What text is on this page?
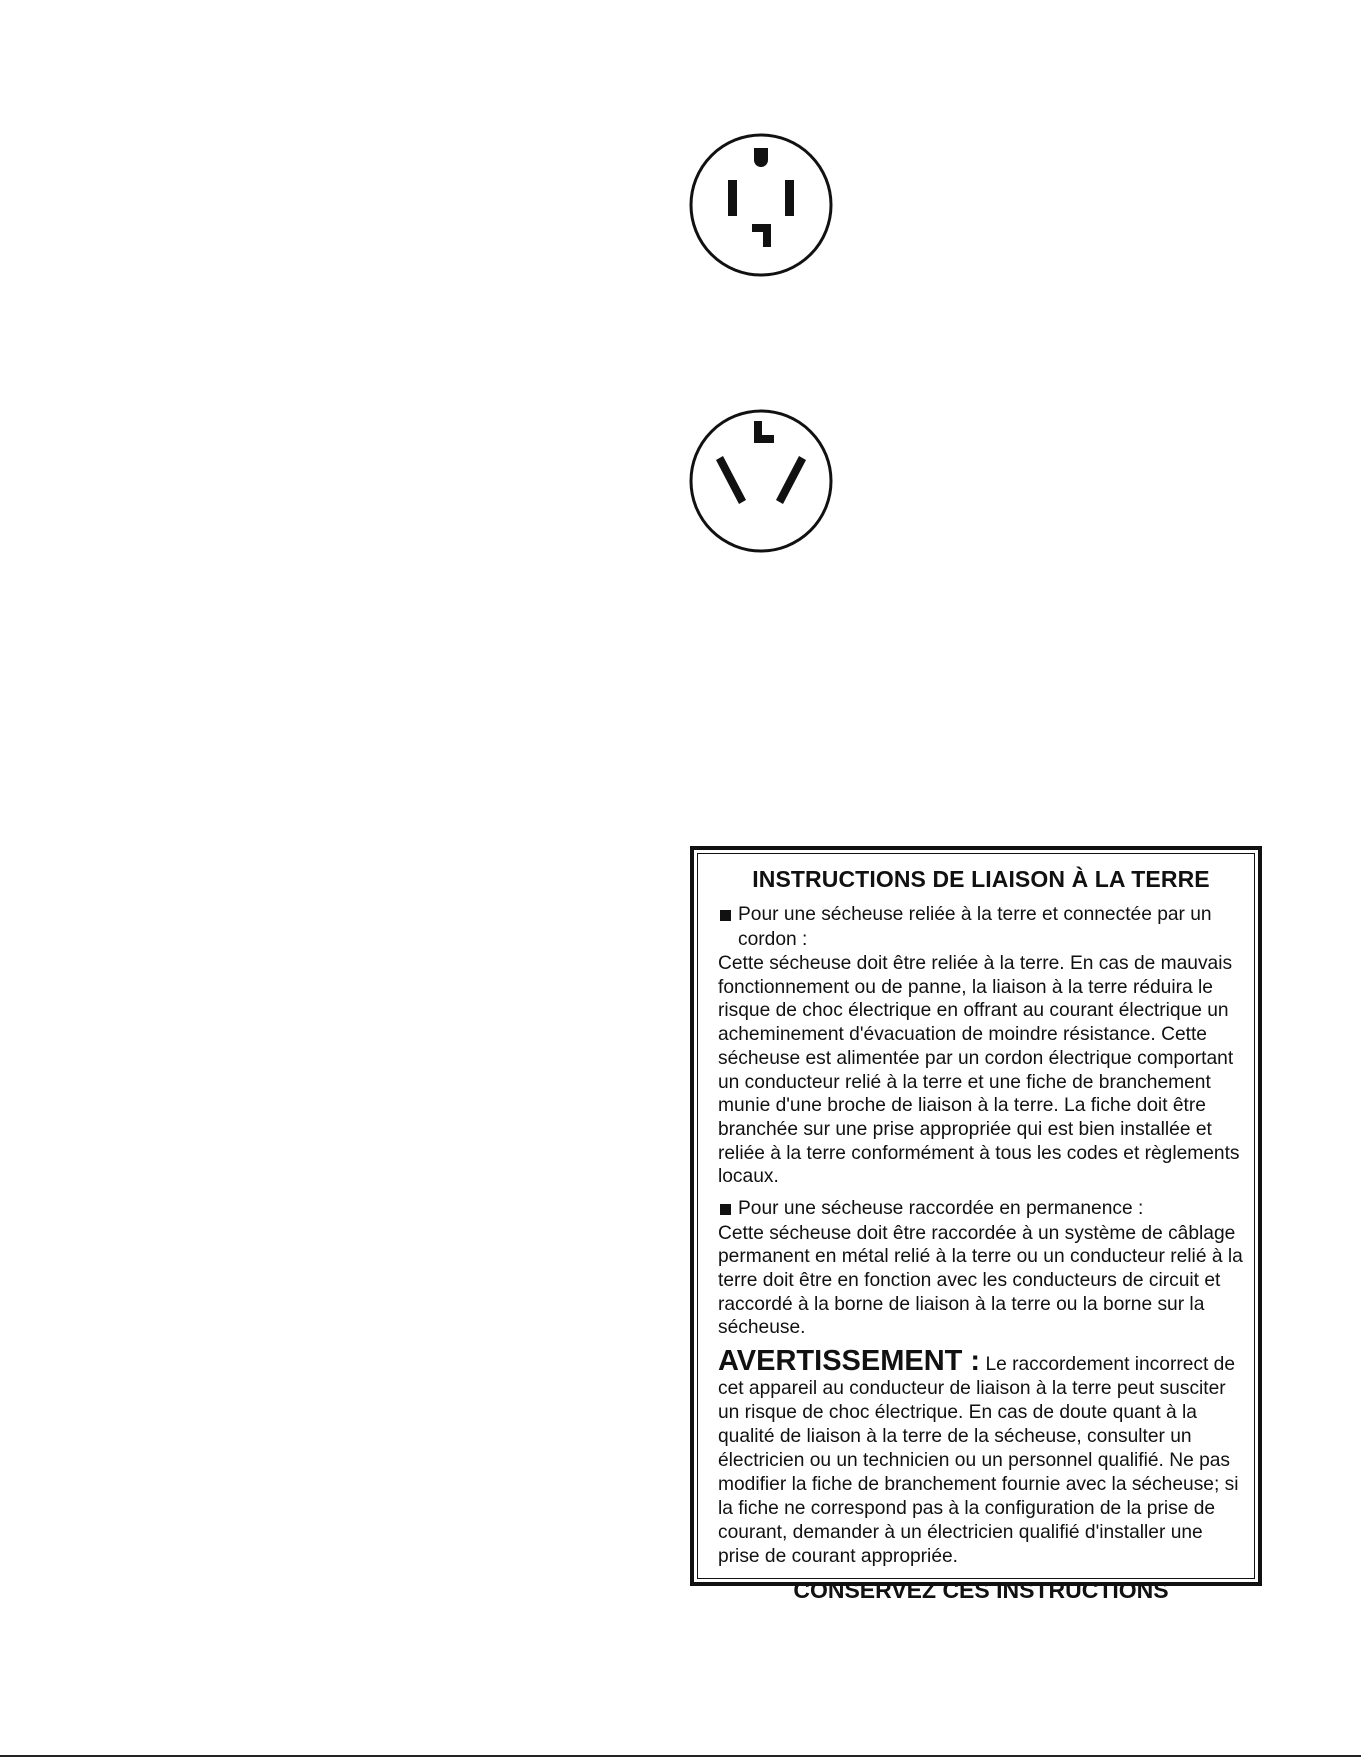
INSTRUCTIONS DE LIAISON À LA TERRE
Pour une sécheuse reliée à la terre et connectée par un cordon :
Cette sécheuse doit être reliée à la terre. En cas de mauvais fonctionnement ou de panne, la liaison à la terre réduira le risque de choc électrique en offrant au courant électrique un acheminement d'évacuation de moindre résistance. Cette sécheuse est alimentée par un cordon électrique comportant un conducteur relié à la terre et une fiche de branchement munie d'une broche de liaison à la terre. La fiche doit être branchée sur une prise appropriée qui est bien installée et reliée à la terre conformément à tous les codes et règlements locaux.
Pour une sécheuse raccordée en permanence :
Cette sécheuse doit être raccordée à un système de câblage permanent en métal relié à la terre ou un conducteur relié à la terre doit être en fonction avec les conducteurs de circuit et raccordé à la borne de liaison à la terre ou la borne sur la sécheuse.
AVERTISSEMENT : Le raccordement incorrect de cet appareil au conducteur de liaison à la terre peut susciter un risque de choc électrique. En cas de doute quant à la qualité de liaison à la terre de la sécheuse, consulter un électricien ou un technicien ou un personnel qualifié. Ne pas modifier la fiche de branchement fournie avec la sécheuse; si la fiche ne correspond pas à la configuration de la prise de courant, demander à un électricien qualifié d'installer une prise de courant appropriée.
CONSERVEZ CES INSTRUCTIONS
